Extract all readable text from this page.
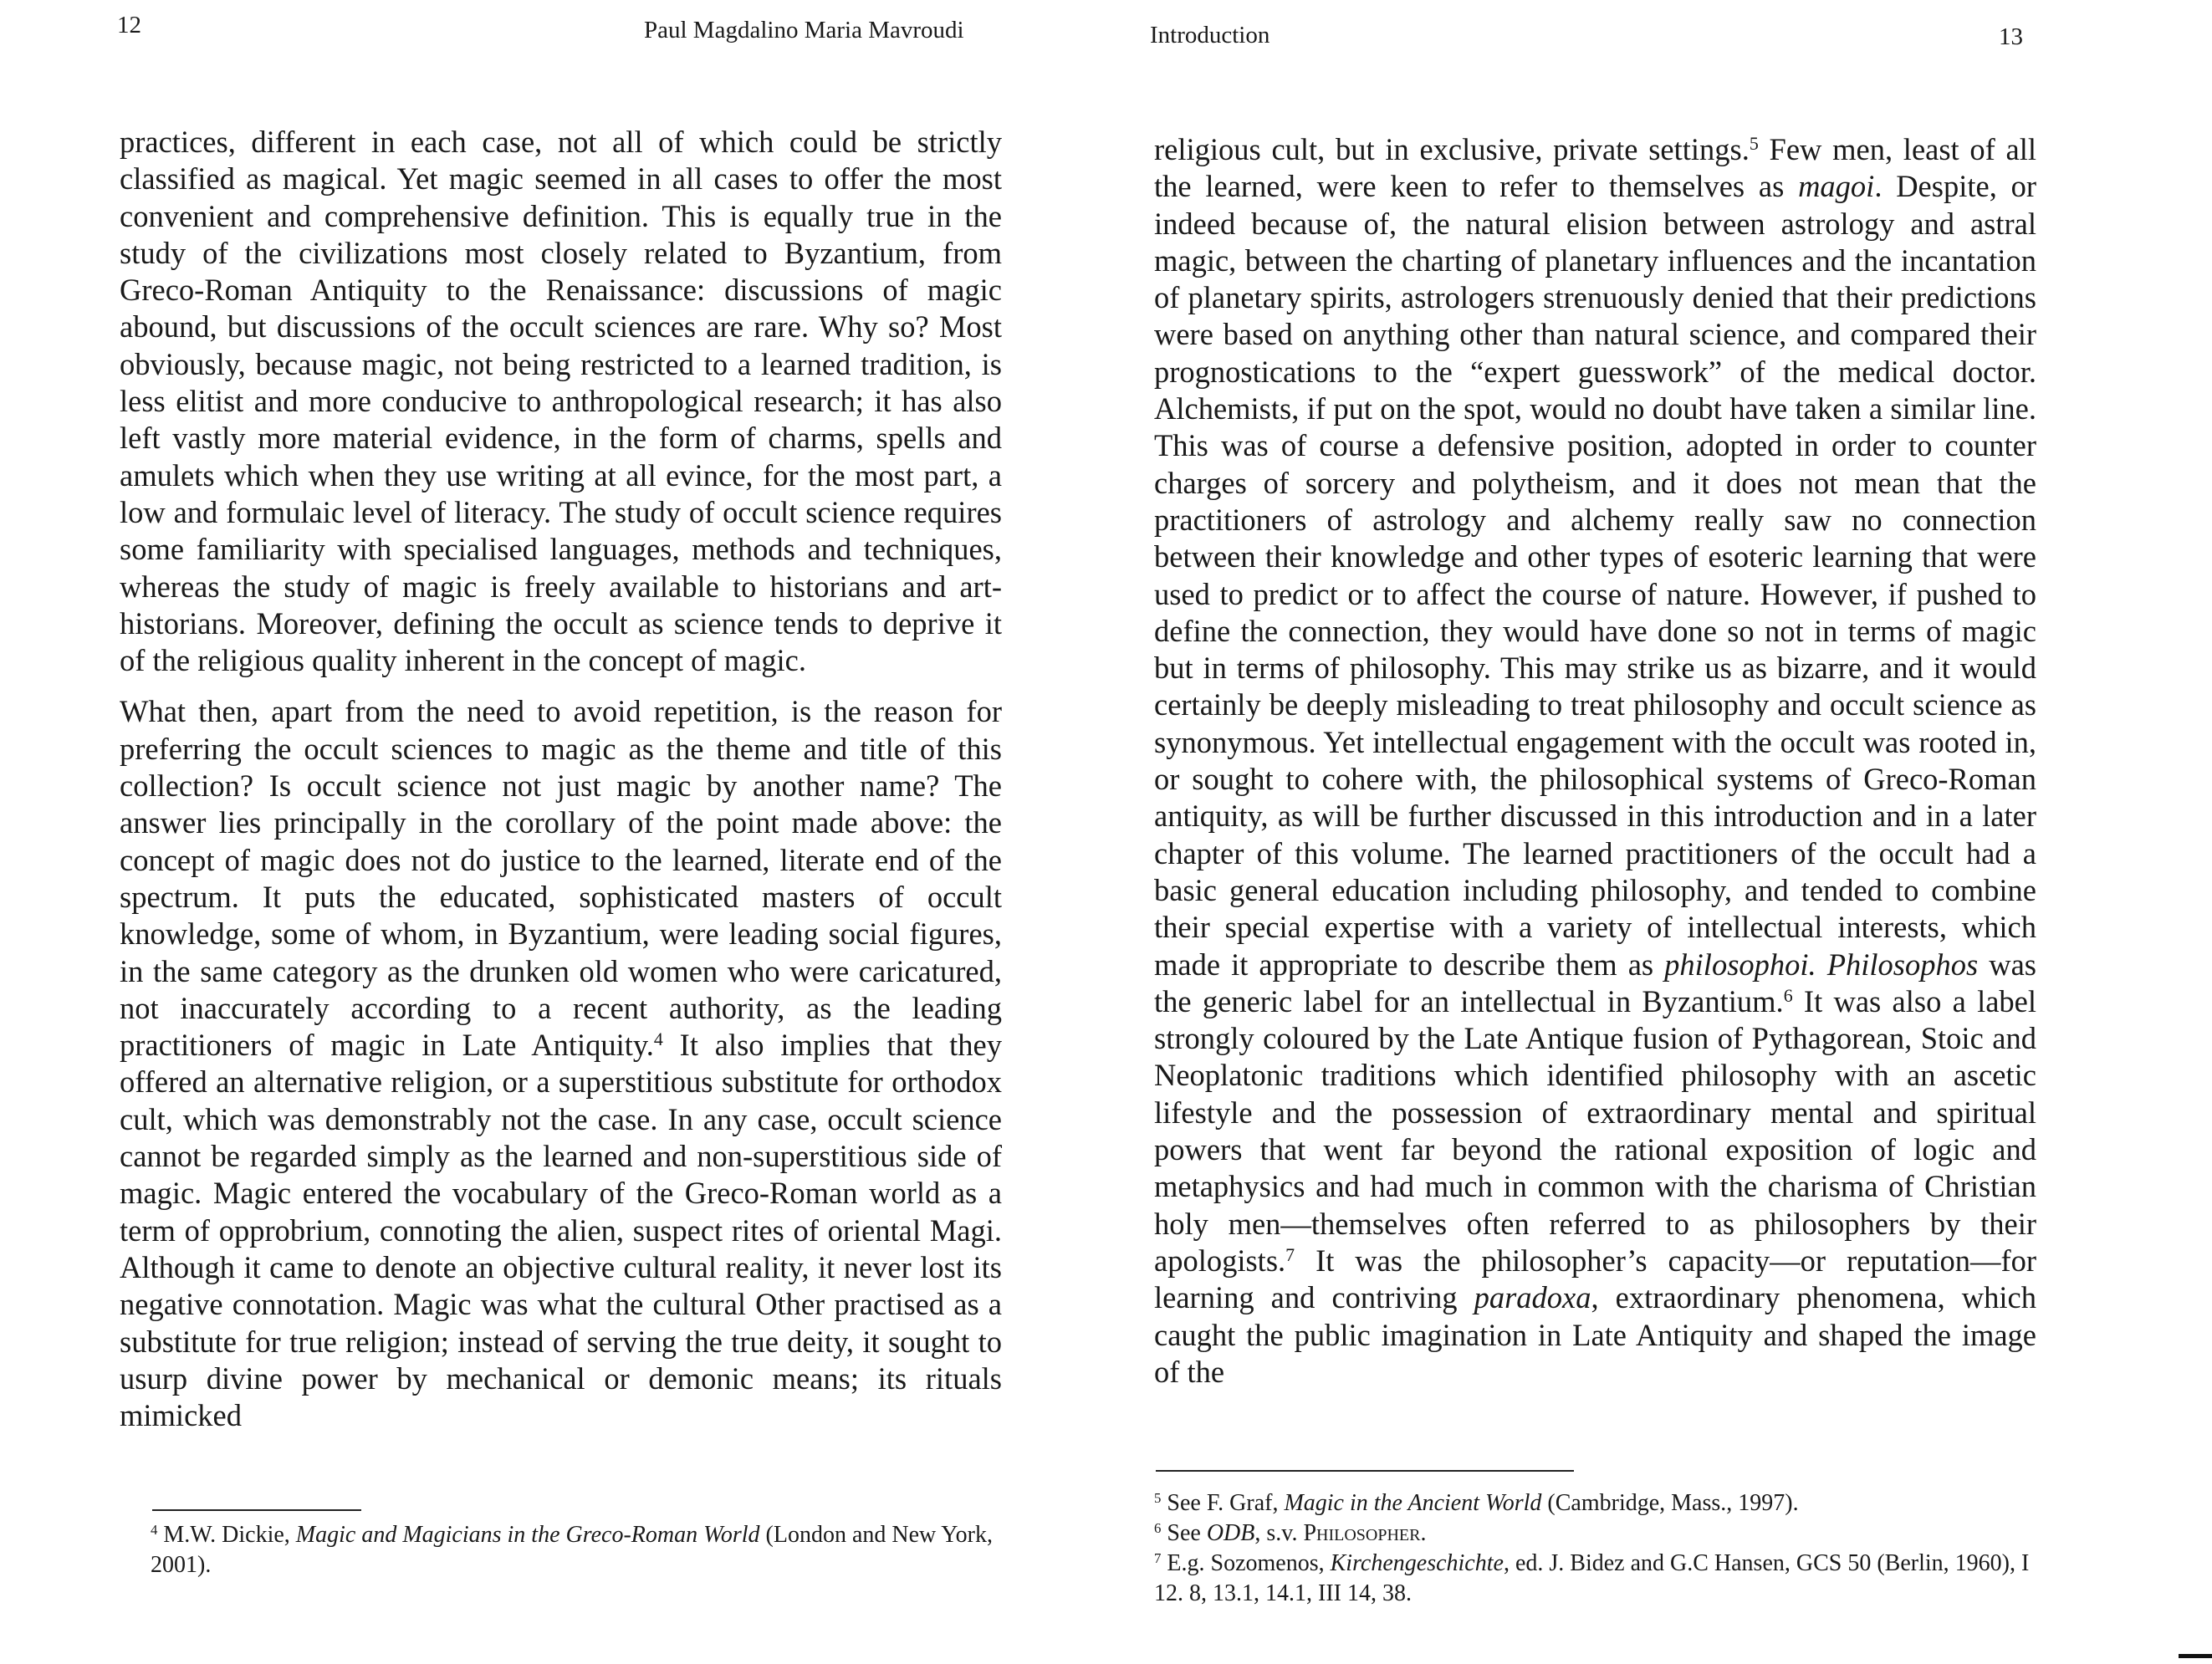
12	Paul Magdalino Maria Mavroudi

practices, different in each case, not all of which could be strictly classified as magical. Yet magic seemed in all cases to offer the most convenient and comprehensive definition. This is equally true in the study of the civilizations most closely related to Byzantium, from Greco-Roman Antiquity to the Renaissance: discussions of magic abound, but discussions of the occult sciences are rare. Why so? Most obviously, because magic, not being restricted to a learned tradition, is less elitist and more conducive to anthropological research; it has also left vastly more material evidence, in the form of charms, spells and amulets which when they use writing at all evince, for the most part, a low and formulaic level of literacy. The study of occult science requires some familiarity with specialised languages, methods and techniques, whereas the study of magic is freely available to historians and art-historians. Moreover, defining the occult as science tends to deprive it of the religious quality inherent in the concept of magic.

What then, apart from the need to avoid repetition, is the reason for preferring the occult sciences to magic as the theme and title of this collection? Is occult science not just magic by another name? The answer lies principally in the corollary of the point made above: the concept of magic does not do justice to the learned, literate end of the spectrum. It puts the educated, sophisticated masters of occult knowledge, some of whom, in Byzantium, were leading social figures, in the same category as the drunken old women who were caricatured, not inaccurately according to a recent authority, as the leading practitioners of magic in Late Antiquity.$^4$ It also implies that they offered an alternative religion, or a superstitious substitute for orthodox cult, which was demonstrably not the case. In any case, occult science cannot be regarded simply as the learned and non-superstitious side of magic. Magic entered the vocabulary of the Greco-Roman world as a term of opprobrium, connoting the alien, suspect rites of oriental Magi. Although it came to denote an objective cultural reality, it never lost its negative connotation. Magic was what the cultural Other practised as a substitute for true religion; instead of serving the true deity, it sought to usurp divine power by mechanical or demonic means; its rituals mimicked

$^4$ M.W. Dickie, Magic and Magicians in the Greco-Roman World (London and New York, 2001).

Introduction	13

religious cult, but in exclusive, private settings.$^5$ Few men, least of all the learned, were keen to refer to themselves as magoi. Despite, or indeed because of, the natural elision between astrology and astral magic, between the charting of planetary influences and the incantation of planetary spirits, astrologers strenuously denied that their predictions were based on anything other than natural science, and compared their prognostications to the “expert guesswork” of the medical doctor. Alchemists, if put on the spot, would no doubt have taken a similar line. This was of course a defensive position, adopted in order to counter charges of sorcery and polytheism, and it does not mean that the practitioners of astrology and alchemy really saw no connection between their knowledge and other types of esoteric learning that were used to predict or to affect the course of nature. However, if pushed to define the connection, they would have done so not in terms of magic but in terms of philosophy. This may strike us as bizarre, and it would certainly be deeply misleading to treat philosophy and occult science as synonymous. Yet intellectual engagement with the occult was rooted in, or sought to cohere with, the philosophical systems of Greco-Roman antiquity, as will be further discussed in this introduction and in a later chapter of this volume. The learned practitioners of the occult had a basic general education including philosophy, and tended to combine their special expertise with a variety of intellectual interests, which made it appropriate to describe them as philosophoi. Philosophos was the generic label for an intellectual in Byzantium.$^6$ It was also a label strongly coloured by the Late Antique fusion of Pythagorean, Stoic and Neoplatonic traditions which identified philosophy with an ascetic lifestyle and the possession of extraordinary mental and spiritual powers that went far beyond the rational exposition of logic and metaphysics and had much in common with the charisma of Christian holy men—themselves often referred to as philosophers by their apologists.$^7$ It was the philosopher’s capacity—or reputation—for learning and contriving paradoxa, extraordinary phenomena, which caught the public imagination in Late Antiquity and shaped the image of the

$^5$ See F. Graf, Magic in the Ancient World (Cambridge, Mass., 1997).

$^6$ See ODB, s.v. Philosopher.

$^7$ E.g. Sozomenos, Kirchengeschichte, ed. J. Bidez and G.C Hansen, GCS 50 (Berlin, 1960), I 12. 8, 13.1, 14.1, III 14, 38.
